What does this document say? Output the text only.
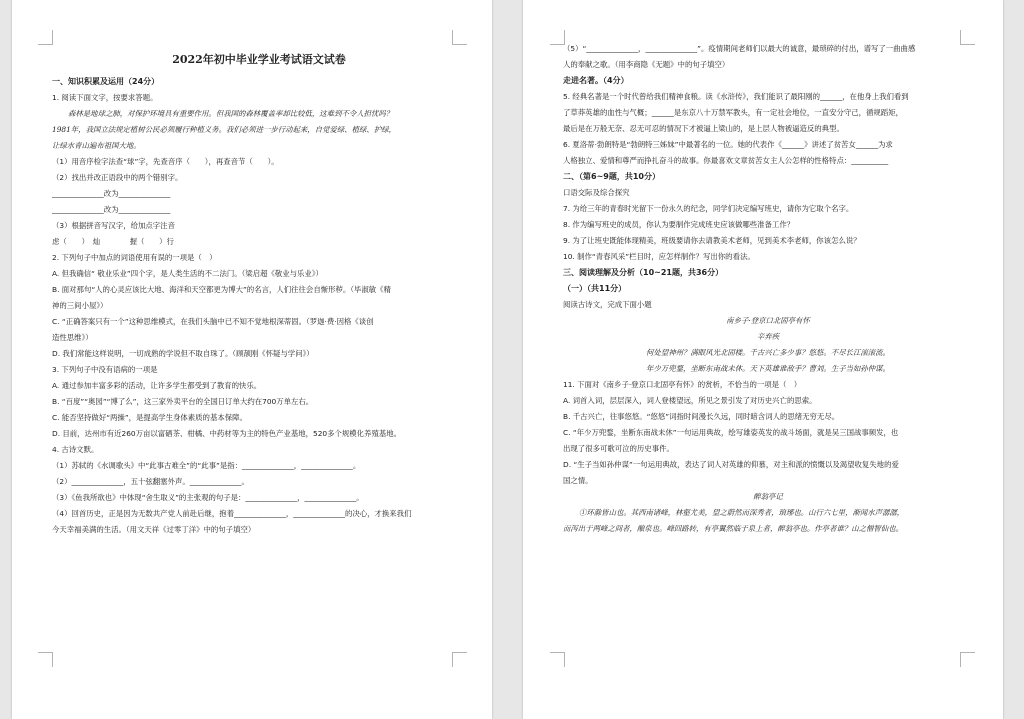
2022年初中毕业学业考试语文试卷
一、知识积累及运用（24分）
1. 阅读下面文字，按要求答题。
森林是地球之肺，对保护环境具有重要作用。但我国的森林覆盖率却比较低，这难到不令人担忧吗？
1981年，我国立法规定植树公民必须履行种植义务。我们必须进一步行动起来，自觉爱绿、植绿、护绿，
让绿水青山遍布祖国大地。
（1）用音序检字法查“球”字，先查音序（　　），再查音节（　　）。
（2）找出并改正语段中的两个错别字。
______________改为______________
______________改为______________
（3）根据拼音写汉字，给加点字注音
虑（　　）　灿　　　　握（　　）行
2. 下列句子中加点的词语使用有误的一项是（　）
A. 但我确信“ 敬业乐业”四个字，是人类生活的不二法门。（梁启超《敬业与乐业》）
B. 面对那句“人的心灵应该比大地、海洋和天空都更为博大”的名言，人们往往会自惭形秽。（毕淑敏《精
神的三间小屋》）
C. “正确答案只有一个”这种思维模式，在我们头脑中已不知不觉地根深蒂固。（罗迦·费·因格《谈创
造性思维》）
D. 我们常能这样说明，一切成熟的学说但不取自珠了。（顾颉刚《怀疑与学问》）
3. 下列句子中没有语病的一项是
A. 通过参加丰富多彩的活动，让许多学生都受到了教育的快乐。
B. “百度”“奥园”“博了么”，这三家外卖平台的全国日订单大约在700万单左右。
C. 能否坚持做好“两操”，是提高学生身体素质的基本保障。
D. 目前，达州市有近260万亩以富硒茶、柑橘、中药材等为主的特色产业基地，520多个规模化养殖基地。
4. 古诗文默。
（1）苏轼的《水调歌头》中“此事古难全”的“此事”是指：______________，______________。
（2）______________，五十弦翻塞外声。______________。
（3）《鱼我所欲也》中体现“舍生取义”的主张观的句子是：______________，______________。
（4）回首历史，正是因为无数共产党人前赴后继，抱着______________，______________的决心，才换来我们
今天幸福美满的生活。（用文天祥《过零丁洋》中的句子填空）
（5）“______________，______________”。疫情期间老师们以最大的诚意，最琐碎的付出，谱写了一曲曲感
人的奉献之歌。（用李商隐《无题》中的句子填空）
走进名著。（4分）
5. 经典名著是一个时代曾给我们精神食粮。读《水浒传》，我们能识了最阳刚的______，在他身上我们看到
了草莽英雄的血性与气概；______是东京八十万禁军教头，有一定社会地位，一直安分守己，循规蹈矩，
最后是在万般无奈、忍无可忍的情况下才被逼上梁山的，是上层人物被逼造反的典型。
6. 夏洛蒂·勃朗特是“勃朗特三姊妹”中最著名的一位。她的代表作《______》讲述了贫苦女______为求
人格独立、爱情和尊严而挣扎奋斗的故事。你最喜欢文章贫苦女主人公怎样的性格特点：__________
二、（第6~9题，共10分）
口语交际及综合探究
7. 为给三年的青春时光留下一份永久的纪念，同学们决定编写班史，请你为它取个名字。
8. 作为编写班史的成员，你认为要制作完成班史应该做哪些准备工作？
9. 为了让班史既能体现精美，班级要请你去请教美术老师，见到美术李老师，你该怎么说？
10. 制作“青春风采”栏目时，应怎样制作？写出你的看法。
三、阅读理解及分析（10~21题，共36分）
（一）（共11分）
阅读古诗文，完成下面小题
南乡子·登京口北固亭有怀
辛弃疾
何处望神州？满眼风光北固楼。千古兴亡多少事？悠悠。不尽长江滚滚流。
年少万兜鍪，坐断东南战未休。天下英雄谁敌手？曹刘。生子当如孙仲谋。
11. 下面对《南乡子·登京口北固亭有怀》的赏析，不恰当的一项是（　）
A. 词首入词，层层深入，词人登楼望远，所见之景引发了对历史兴亡的思索。
B. 千古兴亡，往事悠悠。“悠悠”词指时间漫长久远，同时暗含词人的思绪无穷无尽。
C. “年少万兜鍪，坐断东南战未休”一句运用典故，绘写雄姿英发的战斗场面，就是吴三国战事频发，也
出现了很多可歌可泣的历史事件。
D. “生子当如孙仲谋”一句运用典故，表达了词人对英雄的仰慕，对主和派的愤慨以及渴望收复失地的爱
国之情。
醉翁亭记
①环滁皆山也。其西南诸峰，林壑尤美，望之蔚然而深秀者，琅琊也。山行六七里，渐闻水声潺潺，
而泻出于两峰之间者，酿泉也。峰回路转，有亭翼然临于泉上者，醉翁亭也。作亭者谁？山之僧智仙也。
